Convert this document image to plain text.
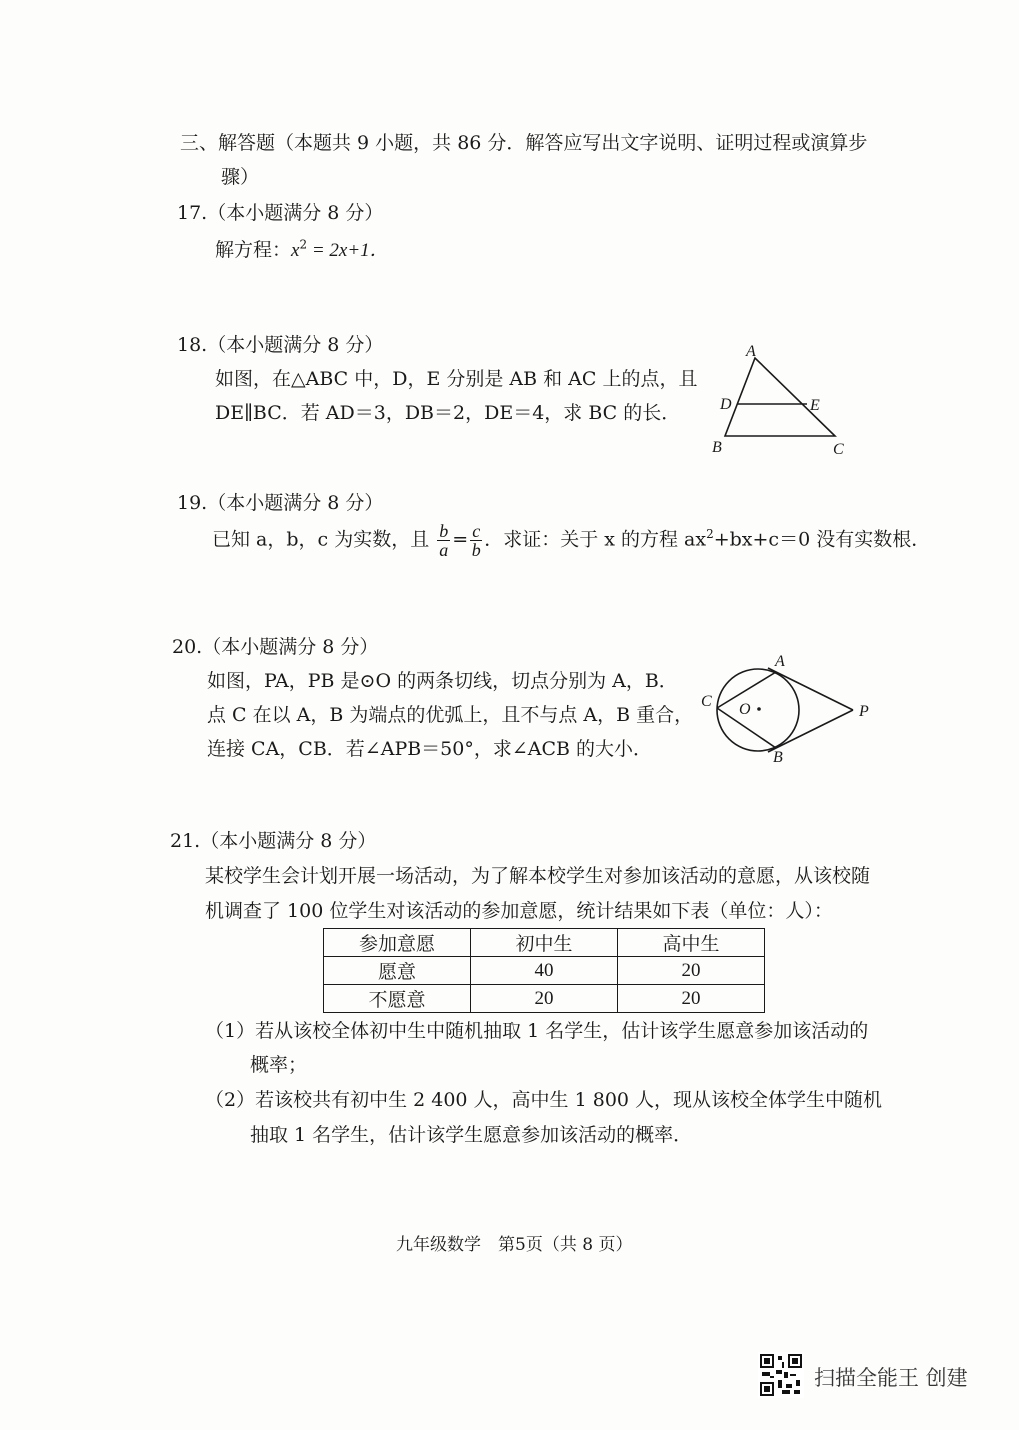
三、解答题（本题共 9 小题，共 86 分．解答应写出文字说明、证明过程或演算步
骤）
17.（本小题满分 8 分）
解方程：$x^2 = 2x+1$．
18.（本小题满分 8 分）
如图，在△ABC 中，D，E 分别是 AB 和 AC 上的点，且
DE∥BC．若 AD＝3，DB＝2，DE＝4，求 BC 的长．
A
D	E
B	C
19.（本小题满分 8 分）
已知 a，b，c 为实数，且 $\frac{b}{a} = \frac{c}{b}$ ．求证：关于 x 的方程 $ax^2+bx+c=0$ 没有实数根．
20.（本小题满分 8 分）
如图，PA，PB 是⊙O 的两条切线，切点分别为 A，B．
点 C 在以 A，B 为端点的优弧上，且不与点 A，B 重合，
连接 CA，CB．若∠APB＝50°，求∠ACB 的大小．
A
C O	P
B
21.（本小题满分 8 分）
某校学生会计划开展一场活动，为了解本校学生对参加该活动的意愿，从该校随
机调查了 100 位学生对该活动的参加意愿，统计结果如下表（单位：人）：
参加意愿	初中生	高中生
愿意	40	20
不愿意	20	20
（1）若从该校全体初中生中随机抽取 1 名学生，估计该学生愿意参加该活动的
概率；
（2）若该校共有初中生 2 400 人，高中生 1 800 人，现从该校全体学生中随机
抽取 1 名学生，估计该学生愿意参加该活动的概率．
九年级数学　第5页（共 8 页）
扫描全能王 创建
